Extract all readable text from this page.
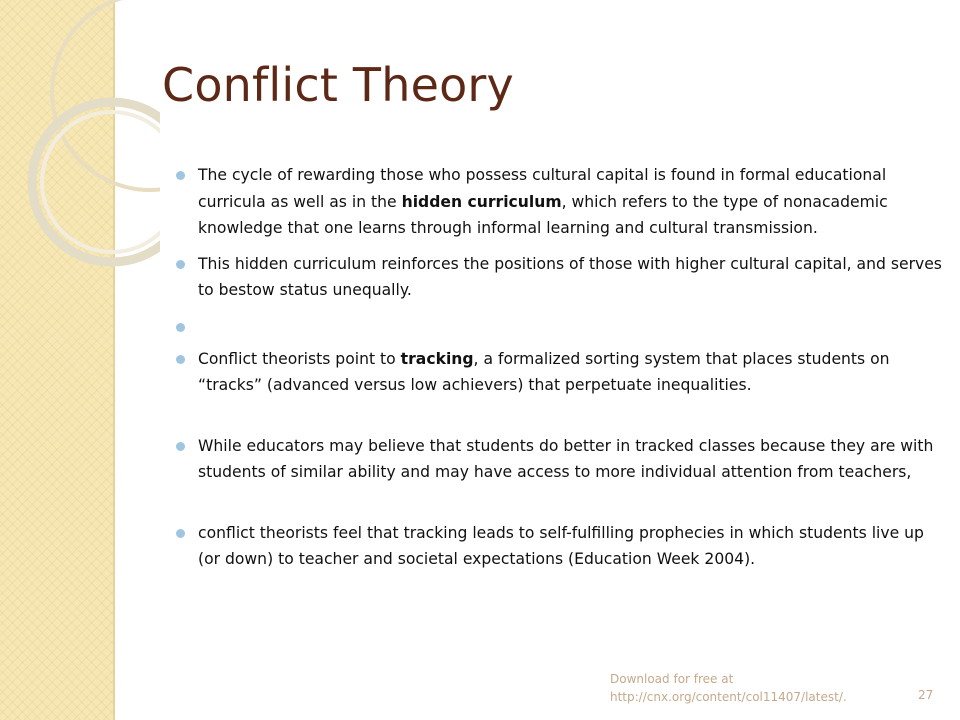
Conflict Theory
The cycle of rewarding those who possess cultural capital is found in formal educational curricula as well as in the hidden curriculum, which refers to the type of nonacademic knowledge that one learns through informal learning and cultural transmission.
This hidden curriculum reinforces the positions of those with higher cultural capital, and serves to bestow status unequally.
Conflict theorists point to tracking, a formalized sorting system that places students on “tracks” (advanced versus low achievers) that perpetuate inequalities.
While educators may believe that students do better in tracked classes because they are with students of similar ability and may have access to more individual attention from teachers,
conflict theorists feel that tracking leads to self-fulfilling prophecies in which students live up (or down) to teacher and societal expectations (Education Week 2004).
Download for free at
http://cnx.org/content/col11407/latest/.	27
